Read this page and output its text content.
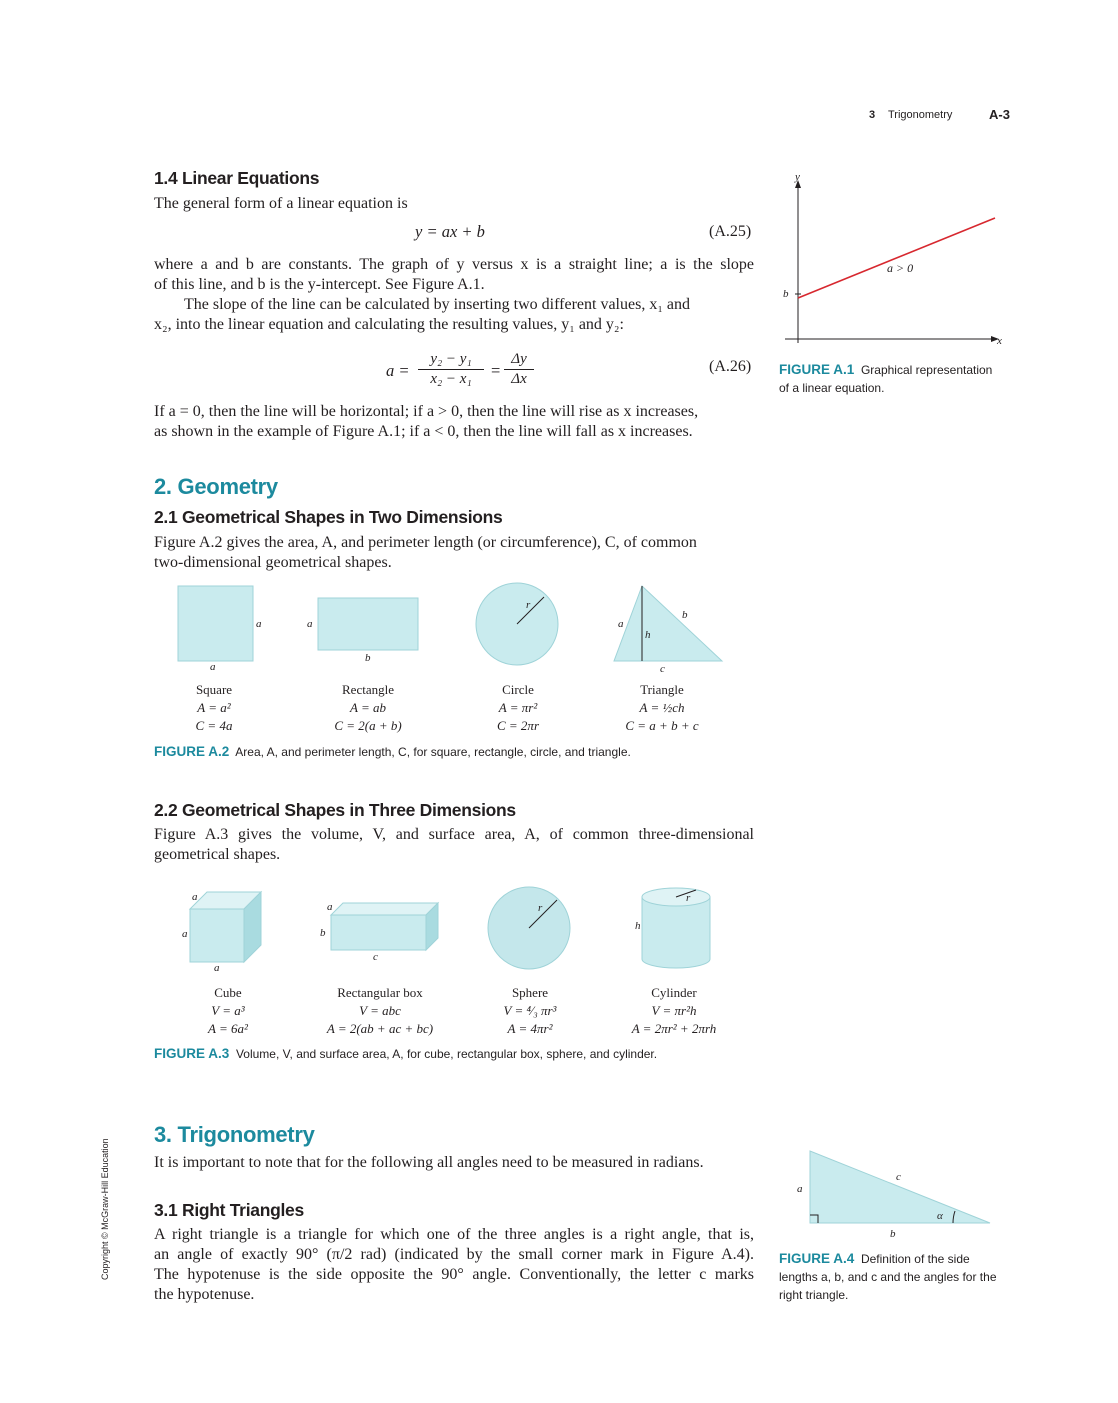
3 Trigonometry	A-3
Copyright © McGraw-Hill Education
1.4 Linear Equations
The general form of a linear equation is
y = ax + b	(A.25)
where a and b are constants. The graph of y versus x is a straight line; a is the slope
of this line, and b is the y-intercept. See Figure A.1.
The slope of the line can be calculated by inserting two different values, x₁ and
x₂, into the linear equation and calculating the resulting values, y₁ and y₂:
a =
y₂ − y₁
x₂ − x₁	=
Δy
Δx
(A.26)
If a = 0, then the line will be horizontal; if a > 0, then the line will rise as x increases,
as shown in the example of Figure A.1; if a < 0, then the line will fall as x increases.
y
x
b
a > 0
FIGURE A.1 Graphical representation
of a linear equation.
2. Geometry
2.1 Geometrical Shapes in Two Dimensions
Figure A.2 gives the area, A, and perimeter length (or circumference), C, of common
two-dimensional geometrical shapes.
a
a
a
b
r
a
b
h
c
Square
A = a²
C = 4a
Rectangle
A = ab
C = 2(a + b)
Circle
A = πr²
C = 2πr
Triangle
A = ½ch
C = a + b + c
FIGURE A.2 Area, A, and perimeter length, C, for square, rectangle, circle, and triangle.
2.2 Geometrical Shapes in Three Dimensions
Figure A.3 gives the volume, V, and surface area, A, of common three-dimensional
geometrical shapes.
a
a
a
a
b
c
r
r
h
Cube
V = a³
A = 6a²
Rectangular box
V = abc
A = 2(ab + ac + bc)
Sphere
V = ⁴⁄₃ πr³
A = 4πr²
Cylinder
V = πr²h
A = 2πr² + 2πrh
FIGURE A.3 Volume, V, and surface area, A, for cube, rectangular box, sphere, and cylinder.
3. Trigonometry
It is important to note that for the following all angles need to be measured in radians.
3.1 Right Triangles
A right triangle is a triangle for which one of the three angles is a right angle, that is,
an angle of exactly 90° (π/2 rad) (indicated by the small corner mark in Figure A.4).
The hypotenuse is the side opposite the 90° angle. Conventionally, the letter c marks
the hypotenuse.
a
c
b
α
FIGURE A.4 Definition of the side
lengths a, b, and c and the angles for the
right triangle.
